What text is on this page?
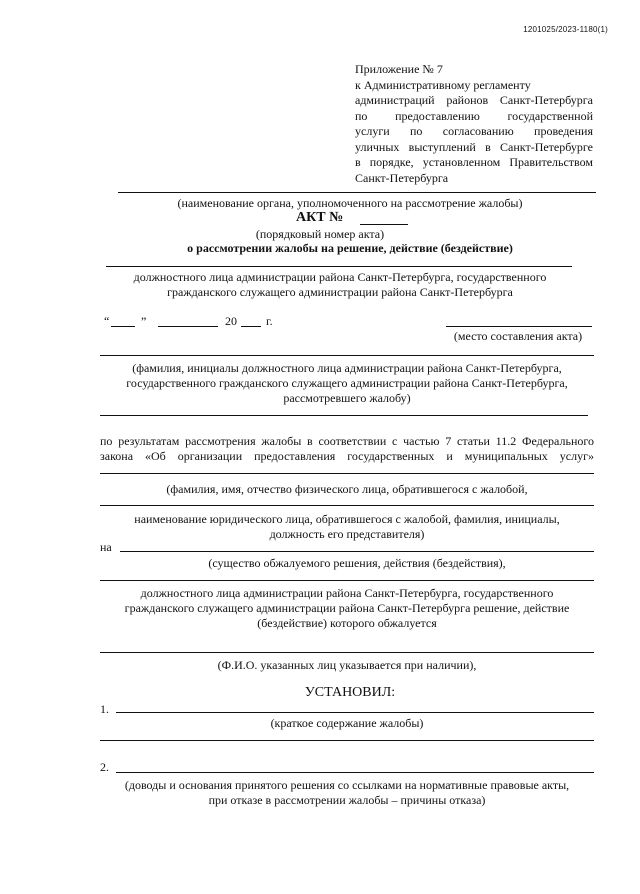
1201025/2023-1180(1)
Приложение № 7
к Административному регламенту
администраций районов Санкт-Петербурга
по предоставлению государственной
услуги по согласованию проведения
уличных выступлений в Санкт-Петербурге
в порядке, установленном Правительством
Санкт-Петербурга
(наименование органа, уполномоченного на рассмотрение жалобы)
АКТ №
(порядковый номер акта)
о рассмотрении жалобы на решение, действие (бездействие)
должностного лица администрации района Санкт-Петербурга, государственного
гражданского служащего администрации района Санкт-Петербурга
“	”	20 г.
(место составления акта)
(фамилия, инициалы должностного лица администрации района Санкт-Петербурга,
государственного гражданского служащего администрации района Санкт-Петербурга,
рассмотревшего жалобу)
по результатам рассмотрения жалобы в соответствии с частью 7 статьи 11.2 Федерального
закона «Об организации предоставления государственных и муниципальных услуг»
(фамилия, имя, отчество физического лица, обратившегося с жалобой,
наименование юридического лица, обратившегося с жалобой, фамилия, инициалы,
должность его представителя)
на
(существо обжалуемого решения, действия (бездействия),
должностного лица администрации района Санкт-Петербурга, государственного
гражданского служащего администрации района Санкт-Петербурга решение, действие
(бездействие) которого обжалуется
(Ф.И.О. указанных лиц указывается при наличии),
УСТАНОВИЛ:
1.
(краткое содержание жалобы)
2.
(доводы и основания принятого решения со ссылками на нормативные правовые акты,
при отказе в рассмотрении жалобы – причины отказа)
